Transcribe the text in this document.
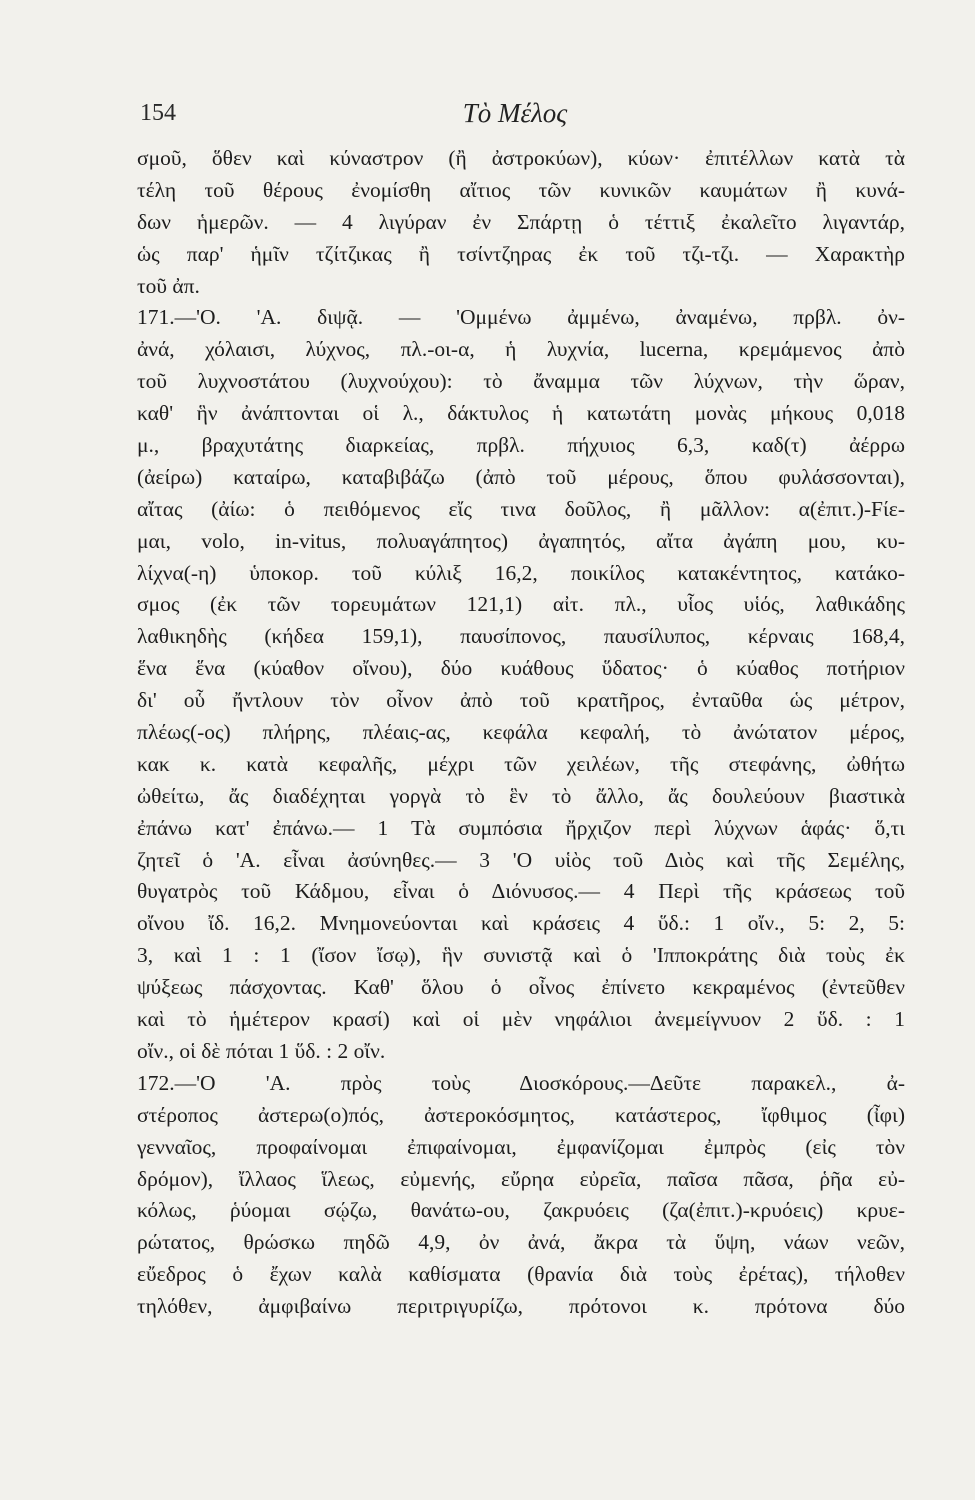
154	Τὸ Μέλος
σμοῦ, ὅθεν καὶ κύναστρον (ἢ ἀστροκύων), κύων· ἐπιτέλλων κατὰ τὰ
τέλη τοῦ θέρους ἐνομίσθη αἴτιος τῶν κυνικῶν καυμάτων ἢ κυνά-
δων ἡμερῶν. — 4 λιγύραν ἐν Σπάρτῃ ὁ τέττιξ ἐκαλεῖτο λιγαντάρ,
ὡς παρ' ἡμῖν τζίτζικας ἢ τσίντζηρας ἐκ τοῦ τζι-τζι. — Χαρακτὴρ
τοῦ ἀπ.
171.—'Ο. 'Α. διψᾷ. — 'Ομμένω ἀμμένω, ἀναμένω, πρβλ. ὀν-
ἀνά, χόλαισι, λύχνος, πλ.-οι-α, ἡ λυχνία, lucerna, κρεμάμενος ἀπὸ
τοῦ λυχνοστάτου (λυχνούχου): τὸ ἄναμμα τῶν λύχνων, τὴν ὥραν,
καθ' ἣν ἀνάπτονται οἱ λ., δάκτυλος ἡ κατωτάτη μονὰς μήκους 0,018
μ., βραχυτάτης διαρκείας, πρβλ. πήχυιος 6,3, καδ(τ) ἀέρρω
(ἀείρω) καταίρω, καταβιβάζω (ἀπὸ τοῦ μέρους, ὅπου φυλάσσονται),
αἴτας (ἀίω: ὁ πειθόμενος εἴς τινα δοῦλος, ἢ μᾶλλον: α(ἐπιτ.)-Fίε-
μαι, volo, in-vitus, πολυαγάπητος) ἀγαπητός, αἴτα ἀγάπη μου, κυ-
λίχνα(-η) ὑποκορ. τοῦ κύλιξ 16,2, ποικίλος κατακέντητος, κατάκο-
σμος (ἐκ τῶν τορευμάτων 121,1) αἰτ. πλ., υἷος υἱός, λαθικάδης
λαθικηδὴς (κήδεα 159,1), παυσίπονος, παυσίλυπος, κέρναις 168,4,
ἕνα ἕνα (κύαθον οἴνου), δύο κυάθους ὕδατος· ὁ κύαθος ποτήριον
δι' οὗ ἤντλουν τὸν οἶνον ἀπὸ τοῦ κρατῆρος, ἐνταῦθα ὡς μέτρον,
πλέως(-ος) πλήρης, πλέαις-ας, κεφάλα κεφαλή, τὸ ἀνώτατον μέρος,
κακ κ. κατὰ κεφαλῆς, μέχρι τῶν χειλέων, τῆς στεφάνης, ὠθήτω
ὠθείτω, ἄς διαδέχηται γοργὰ τὸ ἓν τὸ ἄλλο, ἄς δουλεύουν βιαστικὰ
ἐπάνω κατ' ἐπάνω.— 1 Τὰ συμπόσια ἤρχιζον περὶ λύχνων ἁφάς· ὅ,τι
ζητεῖ ὁ 'Α. εἶναι ἀσύνηθες.— 3 'Ο υἱὸς τοῦ Διὸς καὶ τῆς Σεμέλης,
θυγατρὸς τοῦ Κάδμου, εἶναι ὁ Διόνυσος.— 4 Περὶ τῆς κράσεως τοῦ
οἴνου ἴδ. 16,2. Μνημονεύονται καὶ κράσεις 4 ὕδ.: 1 οἴν., 5: 2, 5:
3, καὶ 1 : 1 (ἴσον ἴσῳ), ἣν συνιστᾷ καὶ ὁ 'Ιπποκράτης διὰ τοὺς ἐκ
ψύξεως πάσχοντας. Καθ' ὅλου ὁ οἶνος ἐπίνετο κεκραμένος (ἐντεῦθεν
καὶ τὸ ἡμέτερον κρασί) καὶ οἱ μὲν νηφάλιοι ἀνεμείγνυον 2 ὕδ. : 1
οἴν., οἱ δὲ πόται 1 ὕδ. : 2 οἴν.
172.—'Ο 'Α. πρὸς τοὺς Διοσκόρους.—Δεῦτε παρακελ., ἀ-
στέροπος ἀστερω(ο)πός, ἀστεροκόσμητος, κατάστερος, ἴφθιμος (ἶφι)
γενναῖος, προφαίνομαι ἐπιφαίνομαι, ἐμφανίζομαι ἐμπρὸς (εἰς τὸν
δρόμον), ἴλλαος ἵλεως, εὐμενής, εὔρηα εὐρεῖα, παῖσα πᾶσα, ῥῆα εὐ-
κόλως, ῥύομαι σῴζω, θανάτω-ου, ζακρυόεις (ζα(ἐπιτ.)-κρυόεις) κρυε-
ρώτατος, θρώσκω πηδῶ 4,9, ὀν ἀνά, ἄκρα τὰ ὕψη, νάων νεῶν,
εὔεδρος ὁ ἔχων καλὰ καθίσματα (θρανία διὰ τοὺς ἐρέτας), τήλοθεν
τηλόθεν, ἀμφιβαίνω περιτριγυρίζω, πρότονοι κ. πρότονα δύο
